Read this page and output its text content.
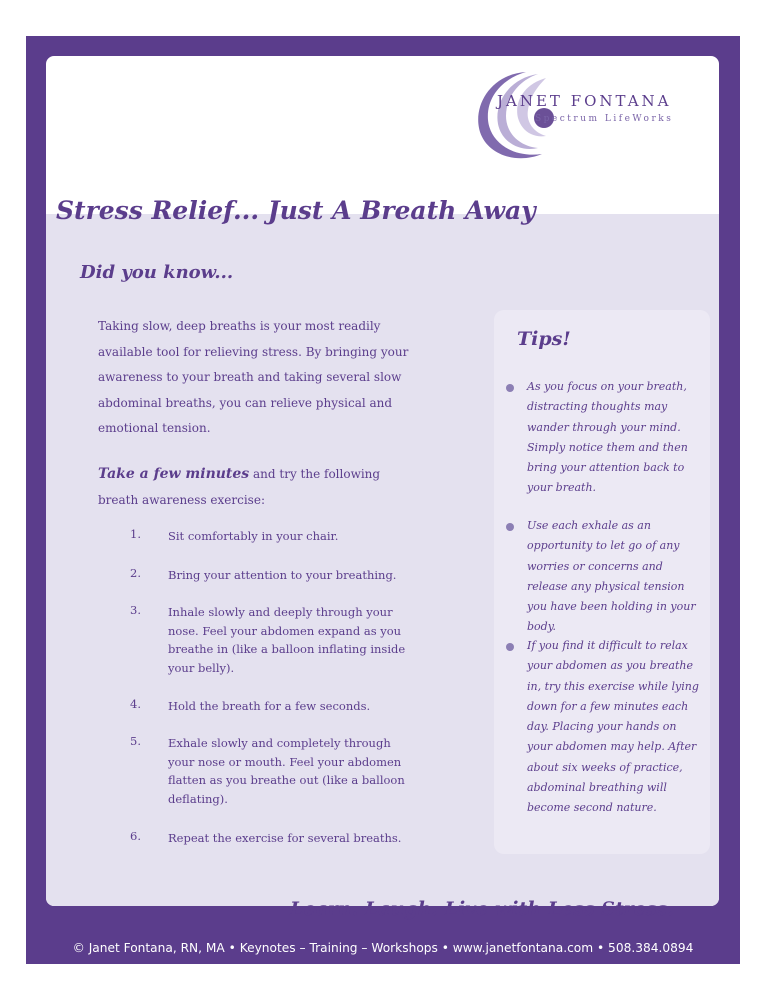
JANET FONTANA
Spectrum LifeWorks
Stress Relief... Just A Breath Away
Did you know...

Taking slow, deep breaths is your most readily available tool for relieving stress. By bringing your awareness to your breath and taking several slow abdominal breaths, you can relieve physical and emotional tension.

Take a few minutes and try the following breath awareness exercise:

1.	Sit comfortably in your chair.
2.	Bring your attention to your breathing.
3.	Inhale slowly and deeply through your nose. Feel your abdomen expand as you breathe in (like a balloon inflating inside your belly).
4.	Hold the breath for a few seconds.
5.	Exhale slowly and completely through your nose or mouth. Feel your abdomen flatten as you breathe out (like a balloon deflating).
6.	Repeat the exercise for several breaths.
Tips!
As you focus on your breath, distracting thoughts may wander through your mind. Simply notice them and then bring your attention back to your breath.
Use each exhale as an opportunity to let go of any worries or concerns and release any physical tension you have been holding in your body.
If you find it difficult to relax your abdomen as you breathe in, try this exercise while lying down for a few minutes each day. Placing your hands on your abdomen may help. After about six weeks of practice, abdominal breathing will become second nature.
Learn. Laugh. Live with Less Stress.
© Janet Fontana, RN, MA • Keynotes – Training – Workshops • www.janetfontana.com • 508.384.0894
